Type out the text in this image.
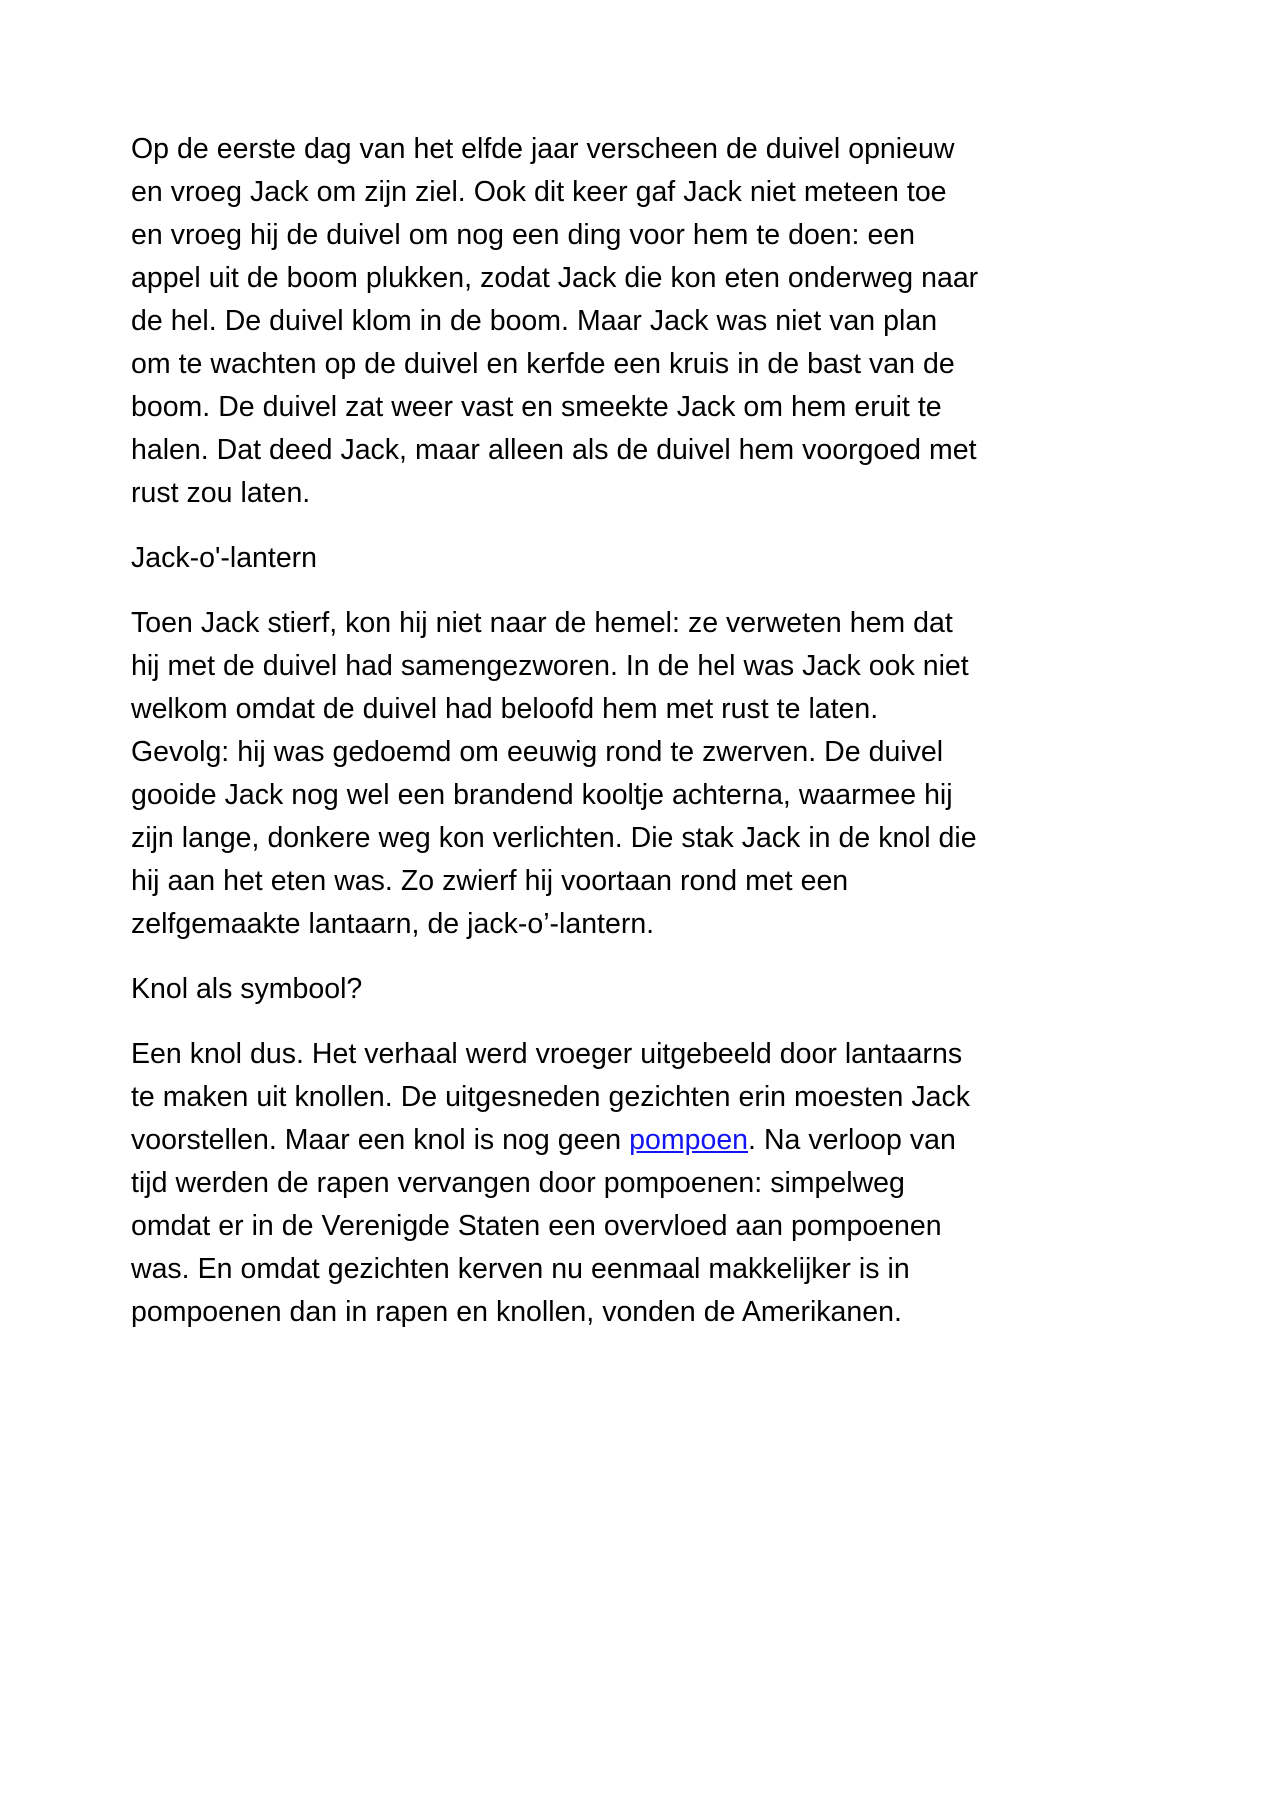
Op de eerste dag van het elfde jaar verscheen de duivel opnieuw en vroeg Jack om zijn ziel. Ook dit keer gaf Jack niet meteen toe en vroeg hij de duivel om nog een ding voor hem te doen: een appel uit de boom plukken, zodat Jack die kon eten onderweg naar de hel. De duivel klom in de boom. Maar Jack was niet van plan om te wachten op de duivel en kerfde een kruis in de bast van de boom. De duivel zat weer vast en smeekte Jack om hem eruit te halen. Dat deed Jack, maar alleen als de duivel hem voorgoed met rust zou laten.

Jack-o'-lantern

Toen Jack stierf, kon hij niet naar de hemel: ze verweten hem dat hij met de duivel had samengezworen. In de hel was Jack ook niet welkom omdat de duivel had beloofd hem met rust te laten. Gevolg: hij was gedoemd om eeuwig rond te zwerven. De duivel gooide Jack nog wel een brandend kooltje achterna, waarmee hij zijn lange, donkere weg kon verlichten. Die stak Jack in de knol die hij aan het eten was. Zo zwierf hij voortaan rond met een zelfgemaakte lantaarn, de jack-o’-lantern.

Knol als symbool?

Een knol dus. Het verhaal werd vroeger uitgebeeld door lantaarns te maken uit knollen. De uitgesneden gezichten erin moesten Jack voorstellen. Maar een knol is nog geen pompoen. Na verloop van tijd werden de rapen vervangen door pompoenen: simpelweg omdat er in de Verenigde Staten een overvloed aan pompoenen was. En omdat gezichten kerven nu eenmaal makkelijker is in pompoenen dan in rapen en knollen, vonden de Amerikanen.
